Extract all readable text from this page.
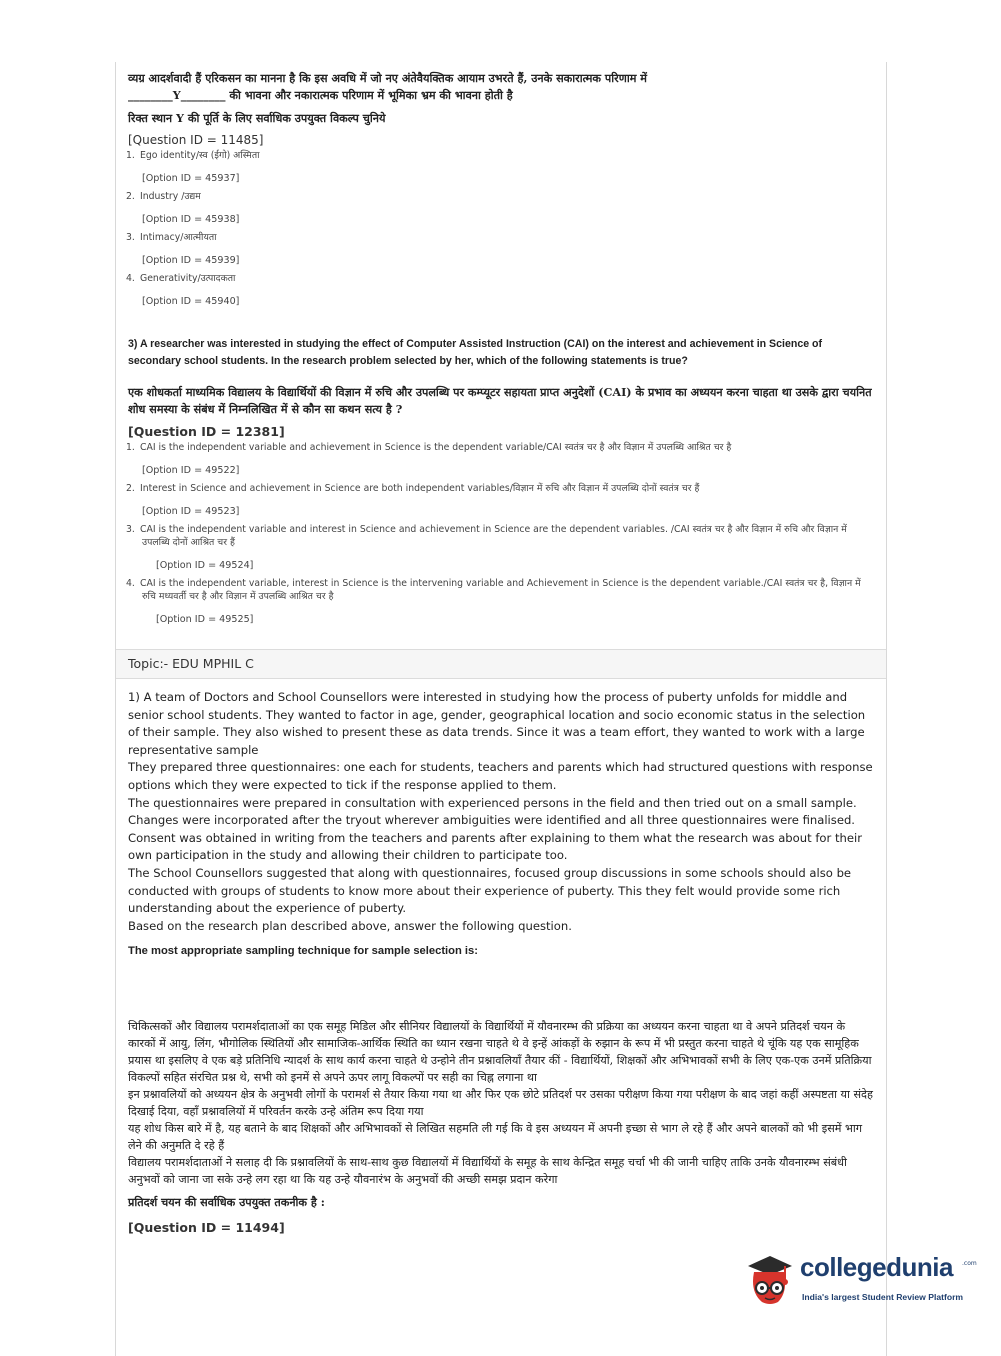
व्यग्र आदर्शवादी हैं एरिकसन का मानना है कि इस अवधि में जो नए अंतेवैयक्तिक आयाम उभरते हैं, उनके सकारात्मक परिणाम में
________Y________ की भावना और नकारात्मक परिणाम में भूमिका भ्रम की भावना होती है
रिक्त स्थान Y की पूर्ति के लिए सर्वाधिक उपयुक्त विकल्प चुनिये
[Question ID = 11485]
1. Ego identity/स्व (ईगो) अस्मिता
[Option ID = 45937]
2. Industry /उद्यम
[Option ID = 45938]
3. Intimacy/आत्मीयता
[Option ID = 45939]
4. Generativity/उत्पादकता
[Option ID = 45940]
3) A researcher was interested in studying the effect of Computer Assisted Instruction (CAI) on the interest and achievement in Science of secondary school students. In the research problem selected by her, which of the following statements is true?
एक शोधकर्ता माध्यमिक विद्यालय के विद्यार्थियों की विज्ञान में रुचि और उपलब्धि पर कम्प्यूटर सहायता प्राप्त अनुदेशों (CAI) के प्रभाव का अध्ययन करना चाहता था उसके द्वारा चयनित शोध समस्या के संबंध में निम्नलिखित में से कौन सा कथन सत्य है ?
[Question ID = 12381]
1. CAI is the independent variable and achievement in Science is the dependent variable/CAI स्वतंत्र चर है और विज्ञान में उपलब्धि आश्रित चर है
[Option ID = 49522]
2. Interest in Science and achievement in Science are both independent variables/विज्ञान में रुचि और विज्ञान में उपलब्धि दोनों स्वतंत्र चर हैं
[Option ID = 49523]
3. CAI is the independent variable and interest in Science and achievement in Science are the dependent variables. /CAI स्वतंत्र चर है और विज्ञान में रुचि और विज्ञान में उपलब्धि दोनों आश्रित चर हैं
[Option ID = 49524]
4. CAI is the independent variable, interest in Science is the intervening variable and Achievement in Science is the dependent variable./CAI स्वतंत्र चर है, विज्ञान में रुचि मध्यवर्ती चर है और विज्ञान में उपलब्धि आश्रित चर है
[Option ID = 49525]
Topic:- EDU MPHIL C

1) A team of Doctors and School Counsellors were interested in studying how the process of puberty unfolds for middle and senior school students. They wanted to factor in age, gender, geographical location and socio economic status in the selection of their sample. They also wished to present these as data trends. Since it was a team effort, they wanted to work with a large representative sample

They prepared three questionnaires: one each for students, teachers and parents which had structured questions with response options which they were expected to tick if the response applied to them.

The questionnaires were prepared in consultation with experienced persons in the field and then tried out on a small sample. Changes were incorporated after the tryout wherever ambiguities were identified and all three questionnaires were finalised.

Consent was obtained in writing from the teachers and parents after explaining to them what the research was about for their own participation in the study and allowing their children to participate too.

The School Counsellors suggested that along with questionnaires, focused group discussions in some schools should also be conducted with groups of students to know more about their experience of puberty. This they felt would provide some rich understanding about the experience of puberty.

Based on the research plan described above, answer the following question.

The most appropriate sampling technique for sample selection is:

चिकित्सकों और विद्यालय परामर्शदाताओं का एक समूह मिडिल और सीनियर विद्यालयों के विद्यार्थियों में यौवनारम्भ की प्रक्रिया का अध्ययन करना चाहता था वे अपने प्रतिदर्श चयन के कारकों में आयु, लिंग, भौगोलिक स्थितियों और सामाजिक-आर्थिक स्थिति का ध्यान रखना चाहते थे वे इन्हें आंकड़ों के रुझान के रूप में भी प्रस्तुत करना चाहते थे चूंकि यह एक सामूहिक प्रयास था इसलिए वे एक बड़े प्रतिनिधि न्यादर्श के साथ कार्य करना चाहते थे उन्होने तीन प्रश्नावलियाँ तैयार कीं - विद्यार्थियों, शिक्षकों और अभिभावकों सभी के लिए एक-एक उनमें प्रतिक्रिया विकल्पों सहित संरचित प्रश्न थे, सभी को इनमें से अपने ऊपर लागू विकल्पों पर सही का चिह्न लगाना था

इन प्रश्नावलियों को अध्ययन क्षेत्र के अनुभवी लोगों के परामर्श से तैयार किया गया था और फिर एक छोटे प्रतिदर्श पर उसका परीक्षण किया गया परीक्षण के बाद जहां कहीं अस्पष्टता या संदेह दिखाई दिया, वहाँ प्रश्नावलियों में परिवर्तन करके उन्हे अंतिम रूप दिया गया

यह शोध किस बारे में है, यह बताने के बाद शिक्षकों और अभिभावकों से लिखित सहमति ली गई कि वे इस अध्ययन में अपनी इच्छा से भाग ले रहे हैं और अपने बालकों को भी इसमें भाग लेने की अनुमति दे रहे हैं

विद्यालय परामर्शदाताओं ने सलाह दी कि प्रश्नावलियों के साथ-साथ कुछ विद्यालयों में विद्यार्थियों के समूह के साथ केन्द्रित समूह चर्चा भी की जानी चाहिए ताकि उनके यौवनारम्भ संबंधी अनुभवों को जाना जा सके उन्हे लग रहा था कि यह उन्हे यौवनारंभ के अनुभवों की अच्छी समझ प्रदान करेगा

प्रतिदर्श चयन की सर्वाधिक उपयुक्त तकनीक है :

[Question ID = 11494]
collegedunia .com
India's largest Student Review Platform
